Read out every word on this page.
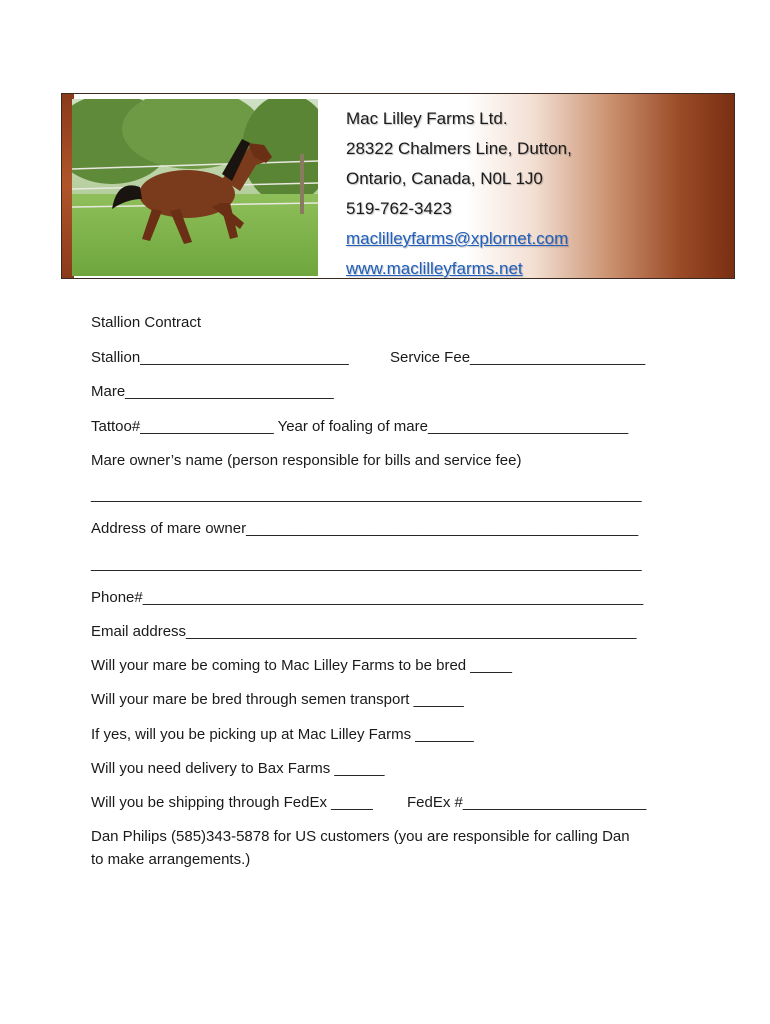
Mac Lilley Farms Ltd.
28322 Chalmers Line, Dutton,
Ontario, Canada, N0L 1J0
519-762-3423
maclilleyfarms@xplornet.com
www.maclilleyfarms.net
Stallion Contract
Stallion_________________________	Service Fee_____________________
Mare_________________________
Tattoo#________________ Year of foaling of mare________________________
Mare owner’s name (person responsible for bills and service fee)
__________________________________________________________________
Address of mare owner_______________________________________________
__________________________________________________________________
Phone#____________________________________________________________
Email address______________________________________________________
Will your mare be coming to Mac Lilley Farms to be bred _____
Will your mare be bred through semen transport ______
If yes, will you be picking up at Mac Lilley Farms _______
Will you need delivery to Bax Farms ______
Will you be shipping through FedEx _____ FedEx #______________________
Dan Philips (585)343-5878 for US customers (you are responsible for calling Dan
to make arrangements.)
